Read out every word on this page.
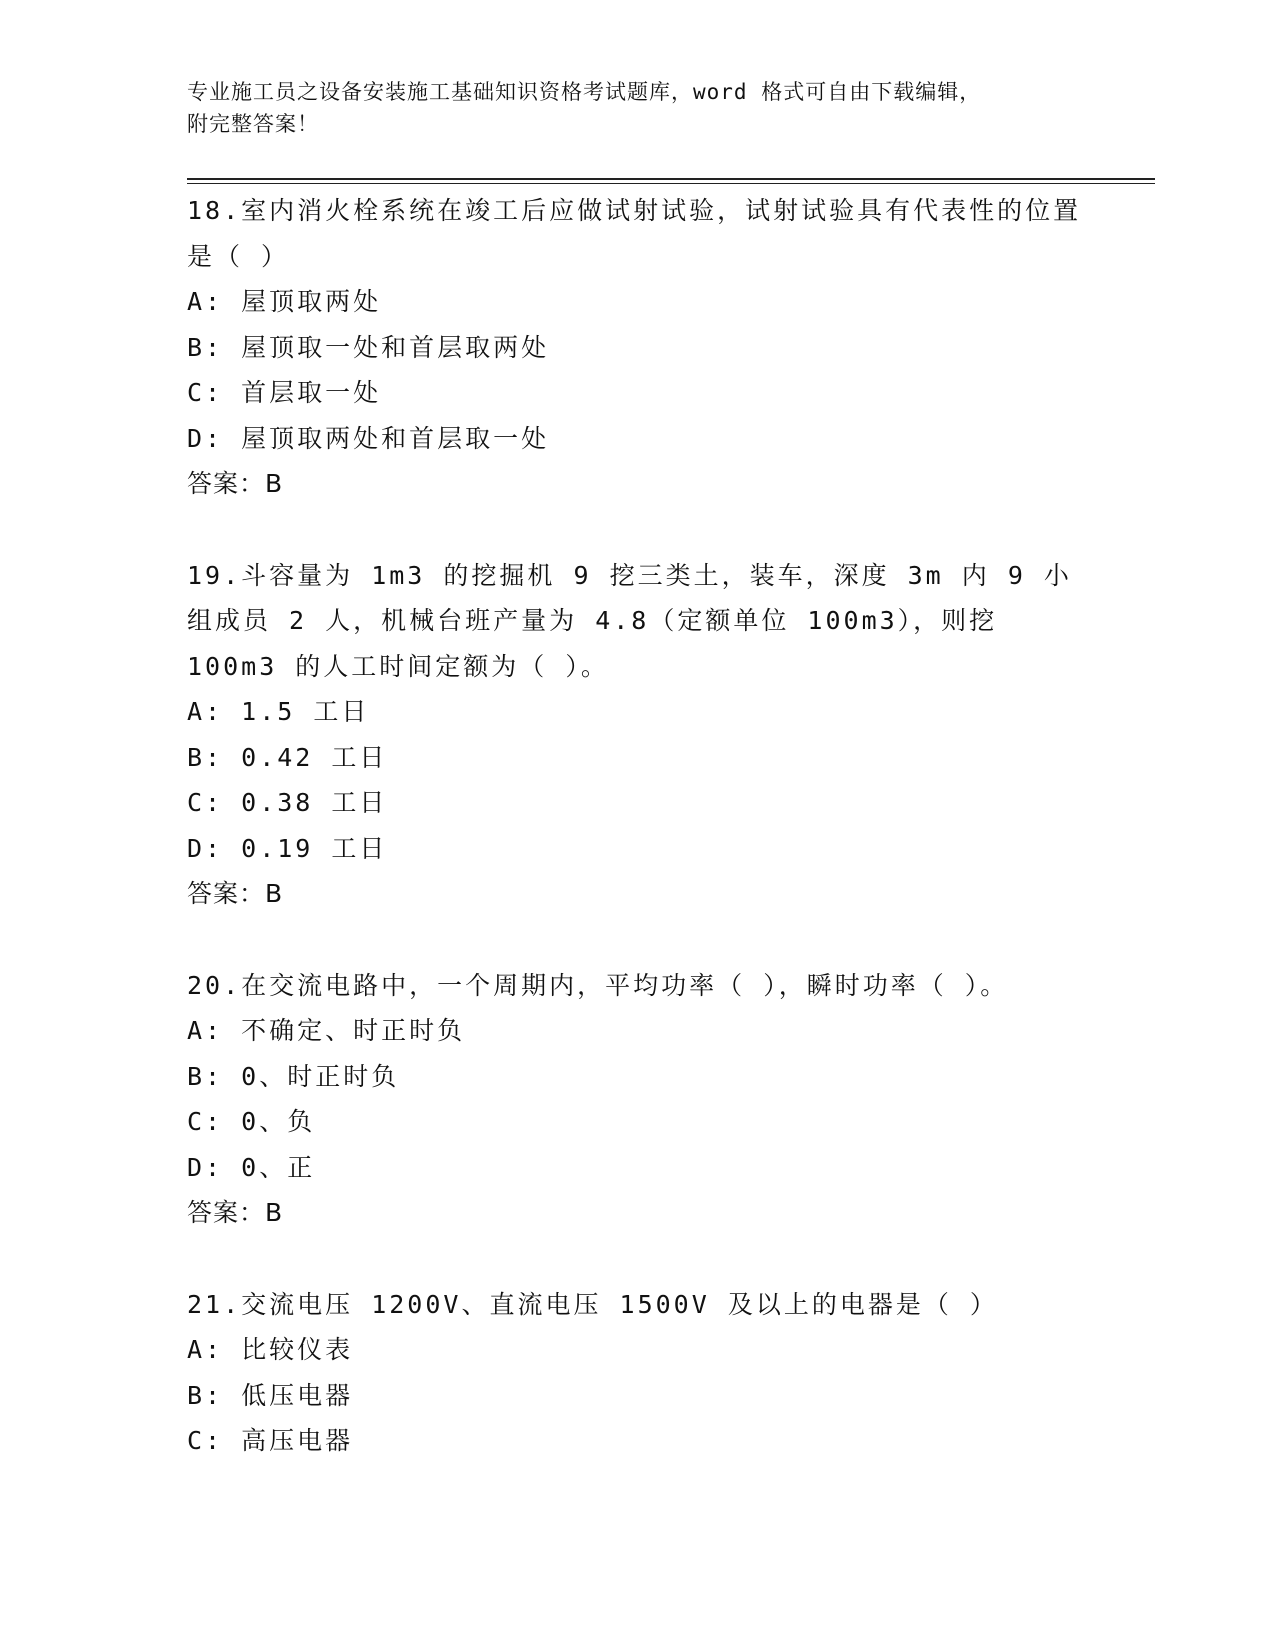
专业施工员之设备安装施工基础知识资格考试题库，word 格式可自由下载编辑，
附完整答案！
18.室内消火栓系统在竣工后应做试射试验，试射试验具有代表性的位置是（ ）
A: 屋顶取两处
B: 屋顶取一处和首层取两处
C: 首层取一处
D: 屋顶取两处和首层取一处
答案：B
19.斗容量为 1m3 的挖掘机 9 挖三类土，装车，深度 3m 内 9 小组成员 2 人，机械台班产量为 4.8（定额单位 100m3），则挖 100m3 的人工时间定额为（ ）。
A: 1.5 工日
B: 0.42 工日
C: 0.38 工日
D: 0.19 工日
答案：B
20.在交流电路中，一个周期内，平均功率（ ），瞬时功率（ ）。
A: 不确定、时正时负
B: 0、时正时负
C: 0、负
D: 0、正
答案：B
21.交流电压 1200V、直流电压 1500V 及以上的电器是（ ）
A: 比较仪表
B: 低压电器
C: 高压电器
